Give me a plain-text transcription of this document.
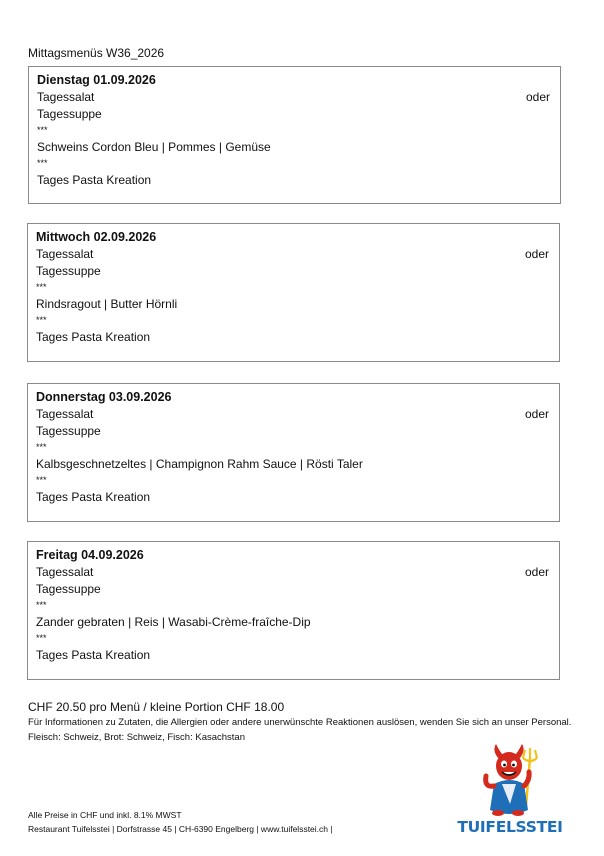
Mittagsmenüs W36_2026
Dienstag 01.09.2026
Tagessalat	oder
Tagessuppe
***
Schweins Cordon Bleu | Pommes | Gemüse
***
Tages Pasta Kreation
Mittwoch 02.09.2026
Tagessalat	oder
Tagessuppe
***
Rindsragout | Butter Hörnli
***
Tages Pasta Kreation
Donnerstag 03.09.2026
Tagessalat	oder
Tagessuppe
***
Kalbsgeschnetzeltes | Champignon Rahm Sauce | Rösti Taler
***
Tages Pasta Kreation
Freitag 04.09.2026
Tagessalat	oder
Tagessuppe
***
Zander gebraten | Reis | Wasabi-Crème-fraîche-Dip
***
Tages Pasta Kreation
CHF 20.50 pro Menü / kleine Portion CHF 18.00
Für Informationen zu Zutaten, die Allergien oder andere unerwünschte Reaktionen auslösen, wenden Sie sich an unser Personal. Fleisch: Schweiz, Brot: Schweiz, Fisch: Kasachstan
Alle Preise in CHF und inkl. 8.1% MWST
Restaurant Tuifelsstei | Dorfstrasse 45 | CH-6390 Engelberg | www.tuifelsstei.ch |	TUIFELSSTEI
